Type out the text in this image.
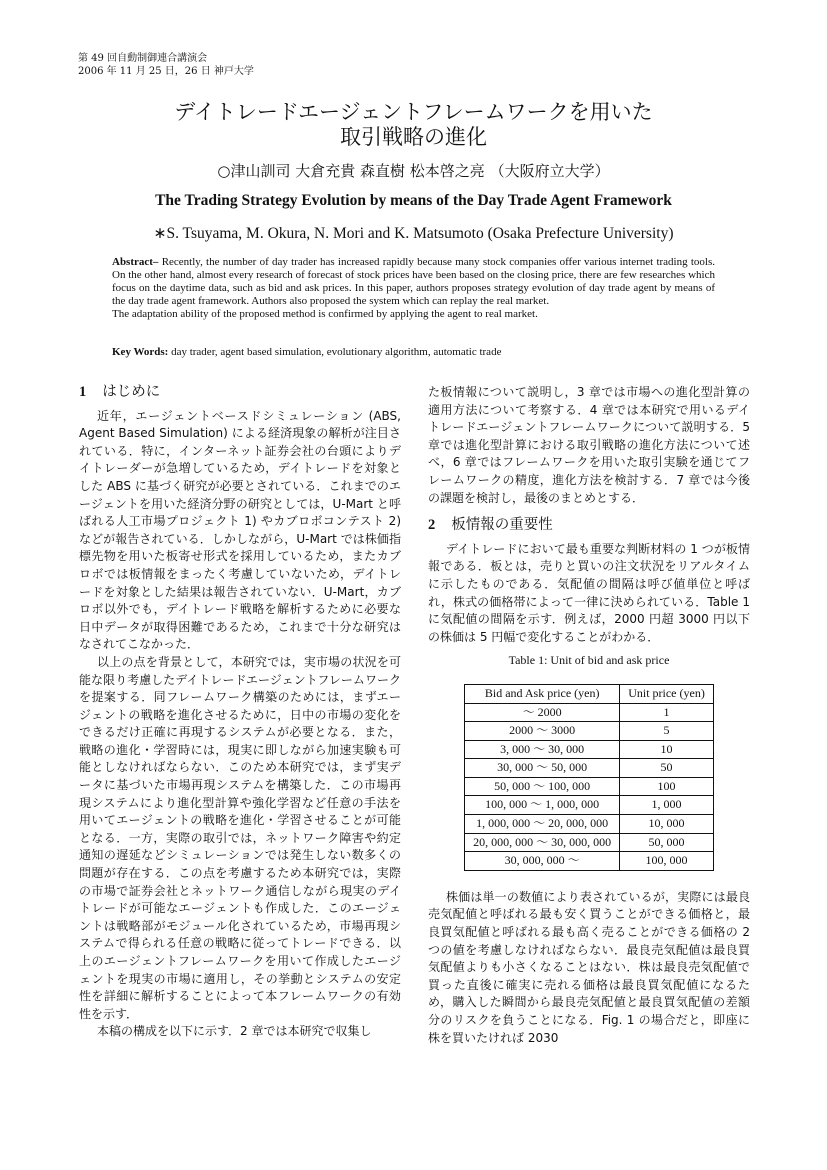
第 49 回自動制御連合講演会
2006 年 11 月 25 日，26 日 神戸大学
デイトレードエージェントフレームワークを用いた
取引戦略の進化
○津山訓司 大倉充貴 森直樹 松本啓之亮 （大阪府立大学）
The Trading Strategy Evolution by means of the Day Trade Agent Framework
∗S. Tsuyama, M. Okura, N. Mori and K. Matsumoto (Osaka Prefecture University)

Abstract– Recently, the number of day trader has increased rapidly because many stock companies offer various internet trading tools. On the other hand, almost every research of forecast of stock prices have been based on the closing price, there are few researches which focus on the daytime data, such as bid and ask prices. In this paper, authors proposes strategy evolution of day trade agent by means of the day trade agent framework. Authors also proposed the system which can replay the real market.

The adaptation ability of the proposed method is confirmed by applying the agent to real market.

Key Words: day trader, agent based simulation, evolutionary algorithm, automatic trade
1 はじめに

近年，エージェントベースドシミュレーション (ABS, Agent Based Simulation) による経済現象の解析が注目されている．特に，インターネット証券会社の台頭によりデイトレーダーが急増しているため，デイトレードを対象とした ABS に基づく研究が必要とされている．これまでのエージェントを用いた経済分野の研究としては，U-Mart と呼ばれる人工市場プロジェクト 1) やカブロボコンテスト 2) などが報告されている．しかしながら，U-Mart では株価指標先物を用いた板寄せ形式を採用しているため，またカブロボでは板情報をまったく考慮していないため，デイトレードを対象とした結果は報告されていない．U-Mart，カブロボ以外でも，デイトレード戦略を解析するために必要な日中データが取得困難であるため，これまで十分な研究はなされてこなかった．

以上の点を背景として，本研究では，実市場の状況を可能な限り考慮したデイトレードエージェントフレームワークを提案する．同フレームワーク構築のためには，まずエージェントの戦略を進化させるために，日中の市場の変化をできるだけ正確に再現するシステムが必要となる．また，戦略の進化・学習時には，現実に即しながら加速実験も可能としなければならない．このため本研究では，まず実データに基づいた市場再現システムを構築した．この市場再現システムにより進化型計算や強化学習など任意の手法を用いてエージェントの戦略を進化・学習させることが可能となる．一方，実際の取引では，ネットワーク障害や約定通知の遅延などシミュレーションでは発生しない数多くの問題が存在する．この点を考慮するため本研究では，実際の市場で証券会社とネットワーク通信しながら現実のデイトレードが可能なエージェントも作成した．このエージェントは戦略部がモジュール化されているため，市場再現システムで得られる任意の戦略に従ってトレードできる．以上のエージェントフレームワークを用いて作成したエージェントを現実の市場に適用し，その挙動とシステムの安定性を詳細に解析することによって本フレームワークの有効性を示す．

本稿の構成を以下に示す．2 章では本研究で収集し

た板情報について説明し，3 章では市場への進化型計算の適用方法について考察する．4 章では本研究で用いるデイトレードエージェントフレームワークについて説明する．5 章では進化型計算における取引戦略の進化方法について述べ，6 章ではフレームワークを用いた取引実験を通じてフレームワークの精度，進化方法を検討する．7 章では今後の課題を検討し，最後のまとめとする．

2 板情報の重要性

デイトレードにおいて最も重要な判断材料の 1 つが板情報である．板とは，売りと買いの注文状況をリアルタイムに示したものである．気配値の間隔は呼び値単位と呼ばれ，株式の価格帯によって一律に決められている．Table 1 に気配値の間隔を示す．例えば，2000 円超 3000 円以下の株価は 5 円幅で変化することがわかる．

Table 1: Unit of bid and ask price
Bid and Ask price (yen)	Unit price (yen)
〜 2000	1
2000 〜 3000	5
3, 000 〜 30, 000	10
30, 000 〜 50, 000	50
50, 000 〜 100, 000	100
100, 000 〜 1, 000, 000	1, 000
1, 000, 000 〜 20, 000, 000	10, 000
20, 000, 000 〜 30, 000, 000	50, 000
30, 000, 000 〜	100, 000

株価は単一の数値により表されているが，実際には最良売気配値と呼ばれる最も安く買うことができる価格と，最良買気配値と呼ばれる最も高く売ることができる価格の 2 つの値を考慮しなければならない．最良売気配値は最良買気配値よりも小さくなることはない．株は最良売気配値で買った直後に確実に売れる価格は最良買気配値になるため，購入した瞬間から最良売気配値と最良買気配値の差額分のリスクを負うことになる．Fig. 1 の場合だと，即座に株を買いたければ 2030
